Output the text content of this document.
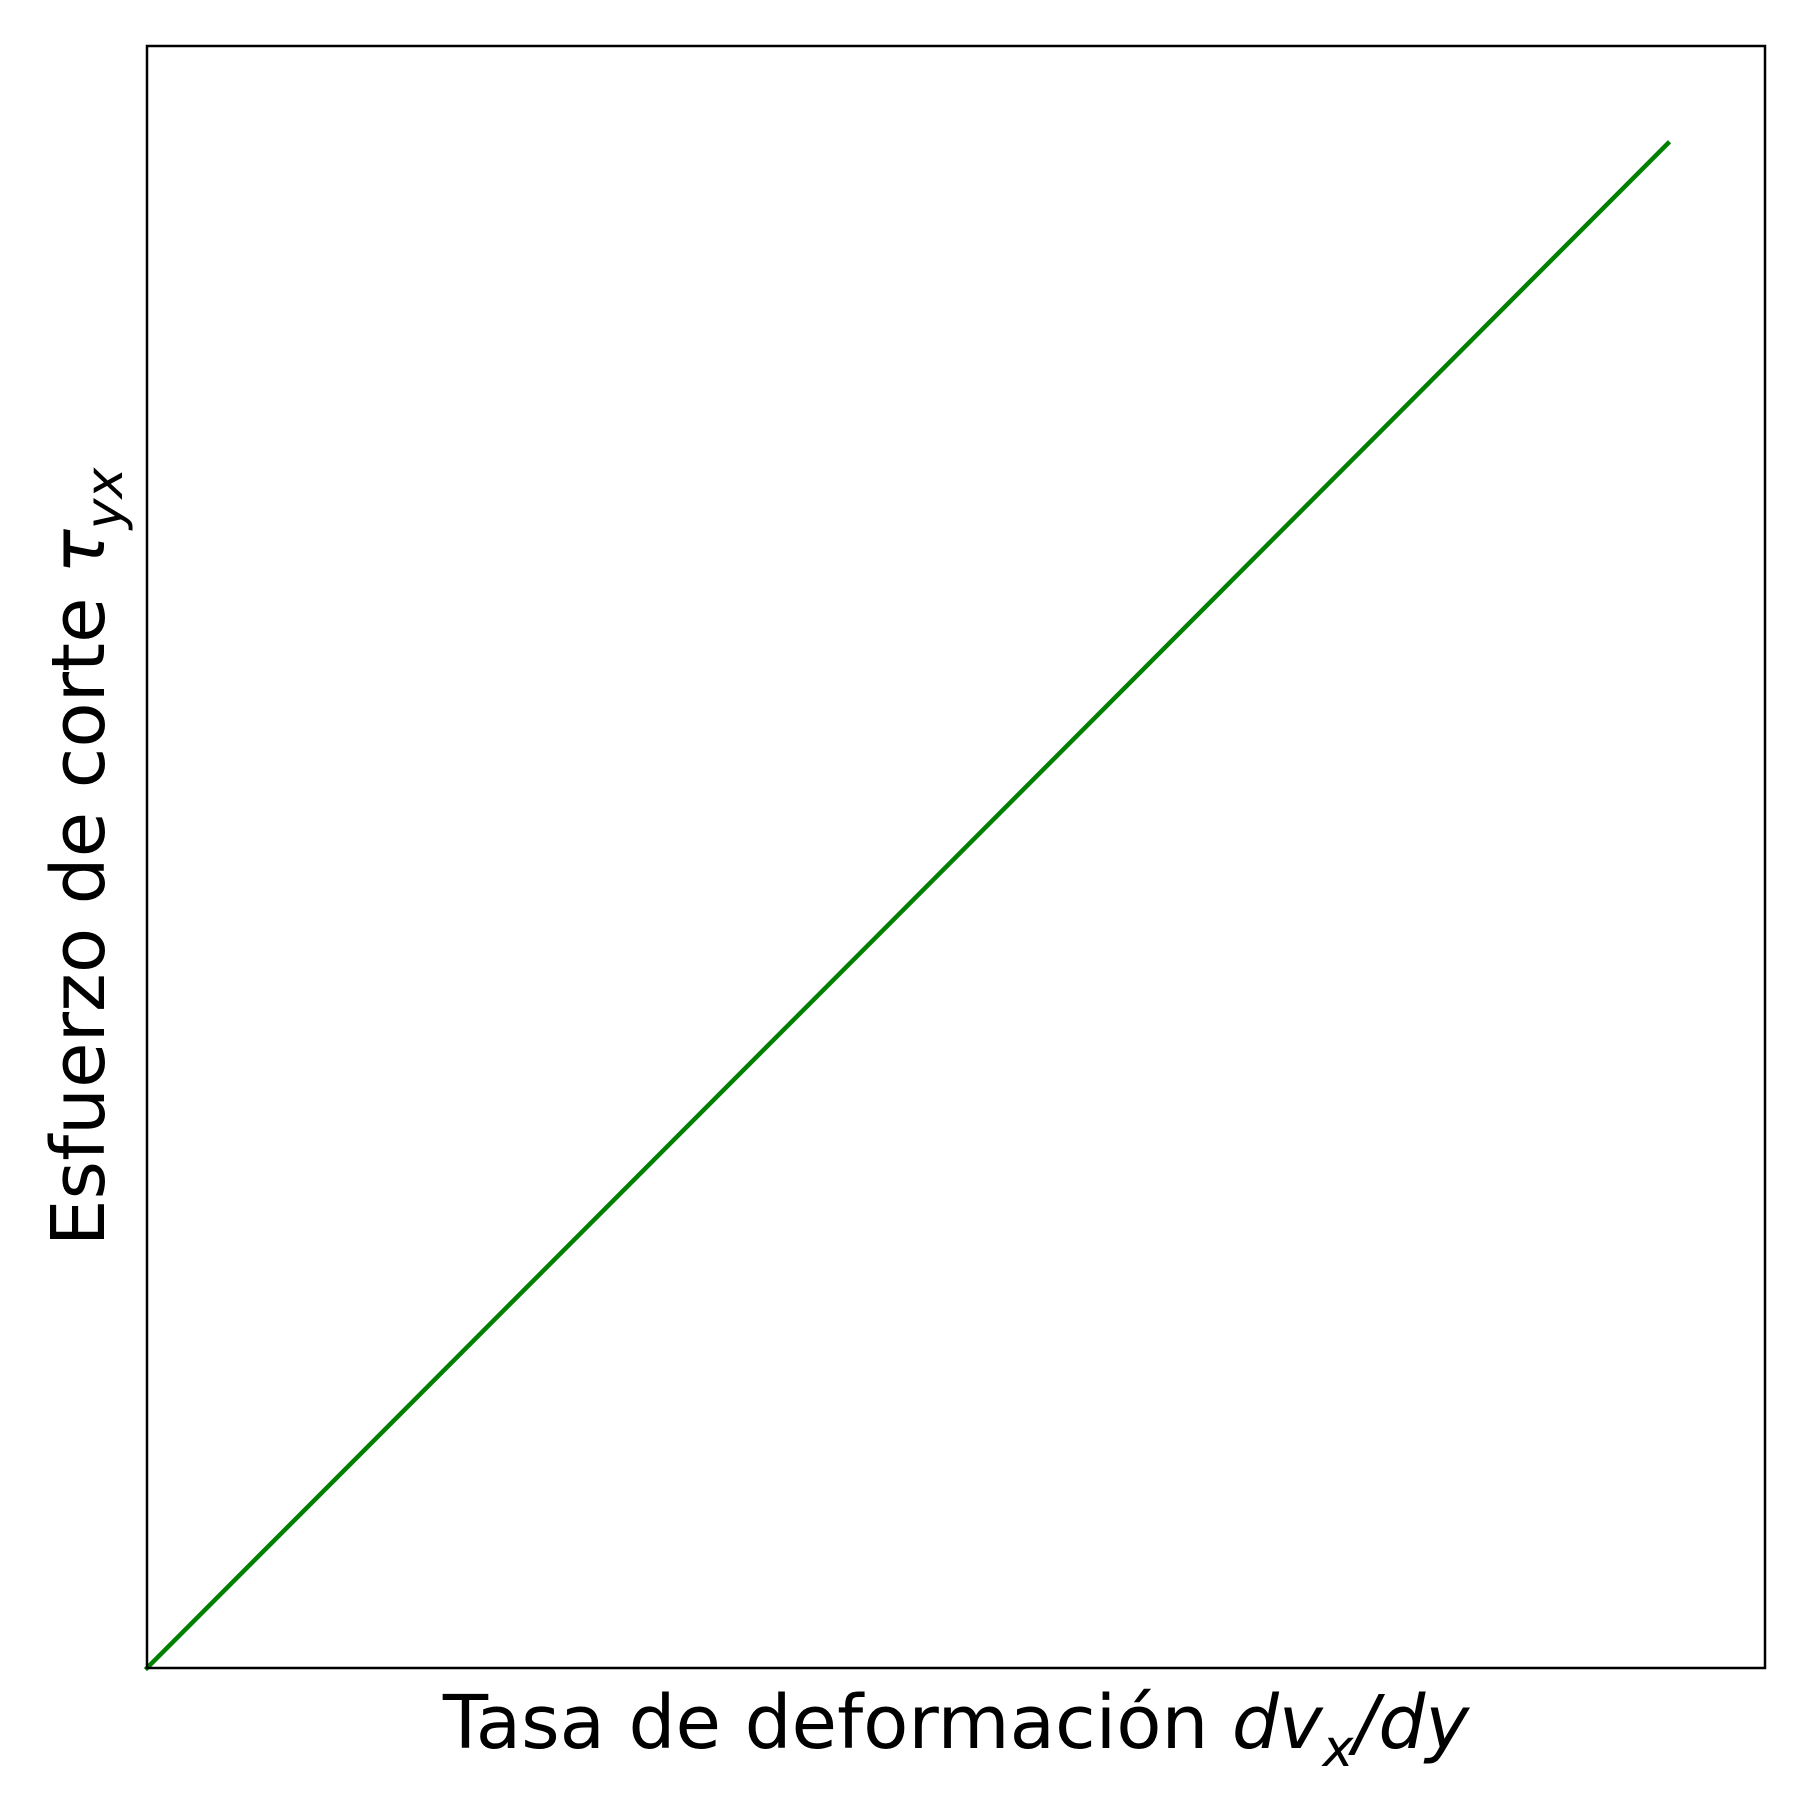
Tasa de deformación $dv_x/dy$
Esfuerzo de corte $\tau_{yx}$
